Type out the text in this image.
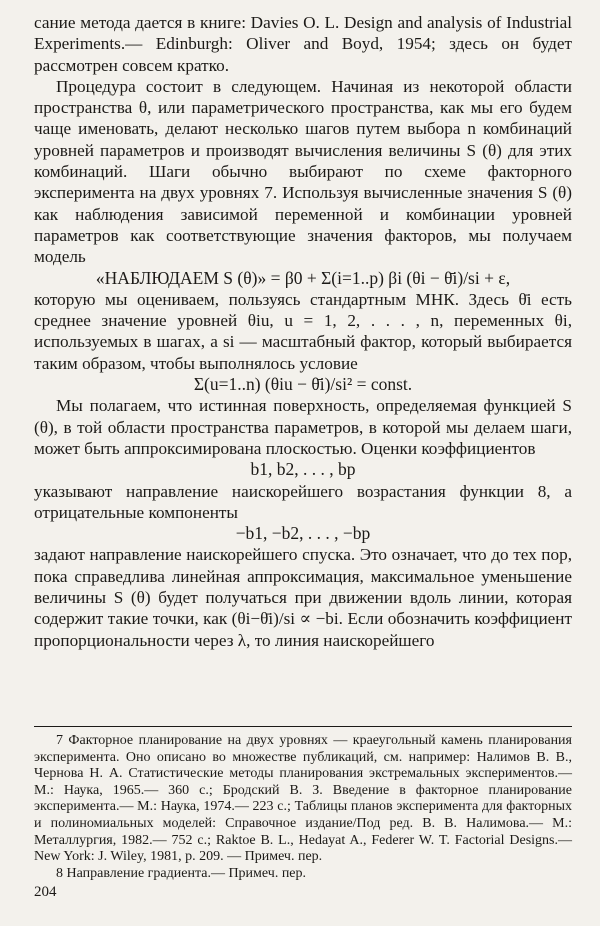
сание метода дается в книге: Davies O. L. Design and analysis of Industrial Experiments.— Edinburgh: Oliver and Boyd, 1954; здесь он будет рассмотрен совсем кратко.

Процедура состоит в следующем. Начиная из некоторой области пространства θ, или параметрического пространства, как мы его будем чаще именовать, делают несколько шагов путем выбора n комбинаций уровней параметров и производят вычисления величины S (θ) для этих комбинаций. Шаги обычно выбирают по схеме факторного эксперимента на двух уровнях 7. Используя вычисленные значения S (θ) как наблюдения зависимой переменной и комбинации уровней параметров как соответствующие значения факторов, мы получаем модель

«НАБЛЮДАЕМ S (θ)» = β0 + Σ(i=1..p) βi (θi − θ̄i)/si + ε,

которую мы оцениваем, пользуясь стандартным МНК. Здесь θ̄i есть среднее значение уровней θiu, u = 1, 2, . . . , n, переменных θi, используемых в шагах, а si — масштабный фактор, который выбирается таким образом, чтобы выполнялось условие

Σ(u=1..n) (θiu − θ̄i)/si² = const.

Мы полагаем, что истинная поверхность, определяемая функцией S (θ), в той области пространства параметров, в которой мы делаем шаги, может быть аппроксимирована плоскостью. Оценки коэффициентов

b1, b2, . . . , bp

указывают направление наискорейшего возрастания функции 8, а отрицательные компоненты

−b1, −b2, . . . , −bp

задают направление наискорейшего спуска. Это означает, что до тех пор, пока справедлива линейная аппроксимация, максимальное уменьшение величины S (θ) будет получаться при движении вдоль линии, которая содержит такие точки, как (θi−θ̄i)/si ∝ −bi. Если обозначить коэффициент пропорциональности через λ, то линия наискорейшего

7 Факторное планирование на двух уровнях — краеугольный камень планирования эксперимента. Оно описано во множестве публикаций, см. например: Налимов В. В., Чернова Н. А. Статистические методы планирования экстремальных экспериментов.— М.: Наука, 1965.— 360 с.; Бродский В. З. Введение в факторное планирование эксперимента.— М.: Наука, 1974.— 223 с.; Таблицы планов эксперимента для факторных и полиномиальных моделей: Справочное издание/Под ред. В. В. Налимова.— М.: Металлургия, 1982.— 752 с.; Raktoe B. L., Hedayat A., Federer W. T. Factorial Designs.— New York: J. Wiley, 1981, p. 209. — Примеч. пер.

8 Направление градиента.— Примеч. пер.

204
